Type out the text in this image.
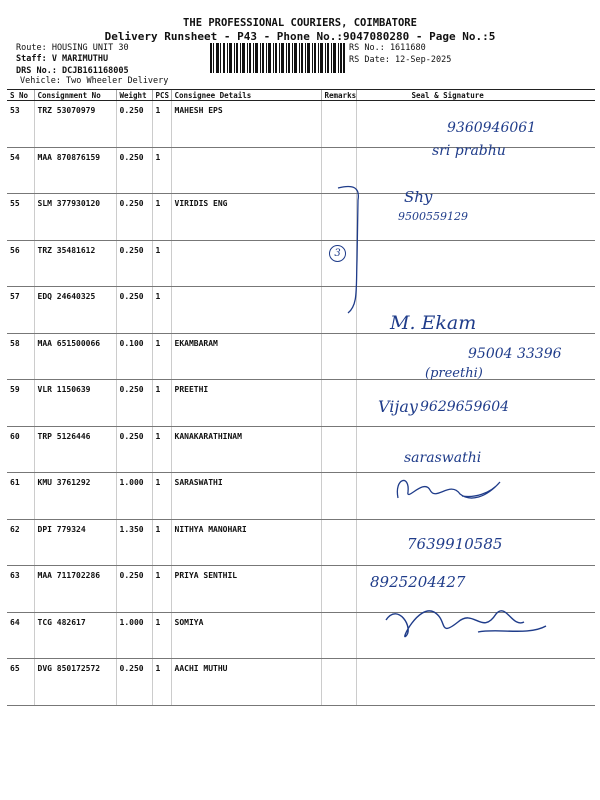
THE PROFESSIONAL COURIERS, COIMBATORE
Delivery Runsheet - P43 - Phone No.:9047080280 - Page No.:5
Route: HOUSING UNIT 30
Staff: V MARIMUTHU
DRS No.: DCJB161168005
Vehicle: Two Wheeler Delivery
RS No.: 1611680
RS Date: 12-Sep-2025
S No	Consignment No	Weight	PCS	Consignee Details	Remarks	Seal & Signature
53	TRZ 53070979	0.250	1	MAHESH EPS		
54	MAA 870876159	0.250	1			
55	SLM 377930120	0.250	1	VIRIDIS ENG		
56	TRZ 35481612	0.250	1			
57	EDQ 24640325	0.250	1			
58	MAA 651500066	0.100	1	EKAMBARAM		
59	VLR 1150639	0.250	1	PREETHI		
60	TRP 5126446	0.250	1	KANAKARATHINAM		
61	KMU 3761292	1.000	1	SARASWATHI		
62	DPI 779324	1.350	1	NITHYA MANOHARI		
63	MAA 711702286	0.250	1	PRIYA SENTHIL		
64	TCG 482617	1.000	1	SOMIYA		
65	DVG 850172572	0.250	1	AACHI MUTHU		
9360946061
sri prabhu
Shy
9500559129
3
M. Ekam
95004 33396
(preethi)
Vijay 9629659604
saraswathi
7639910585
8925204427
